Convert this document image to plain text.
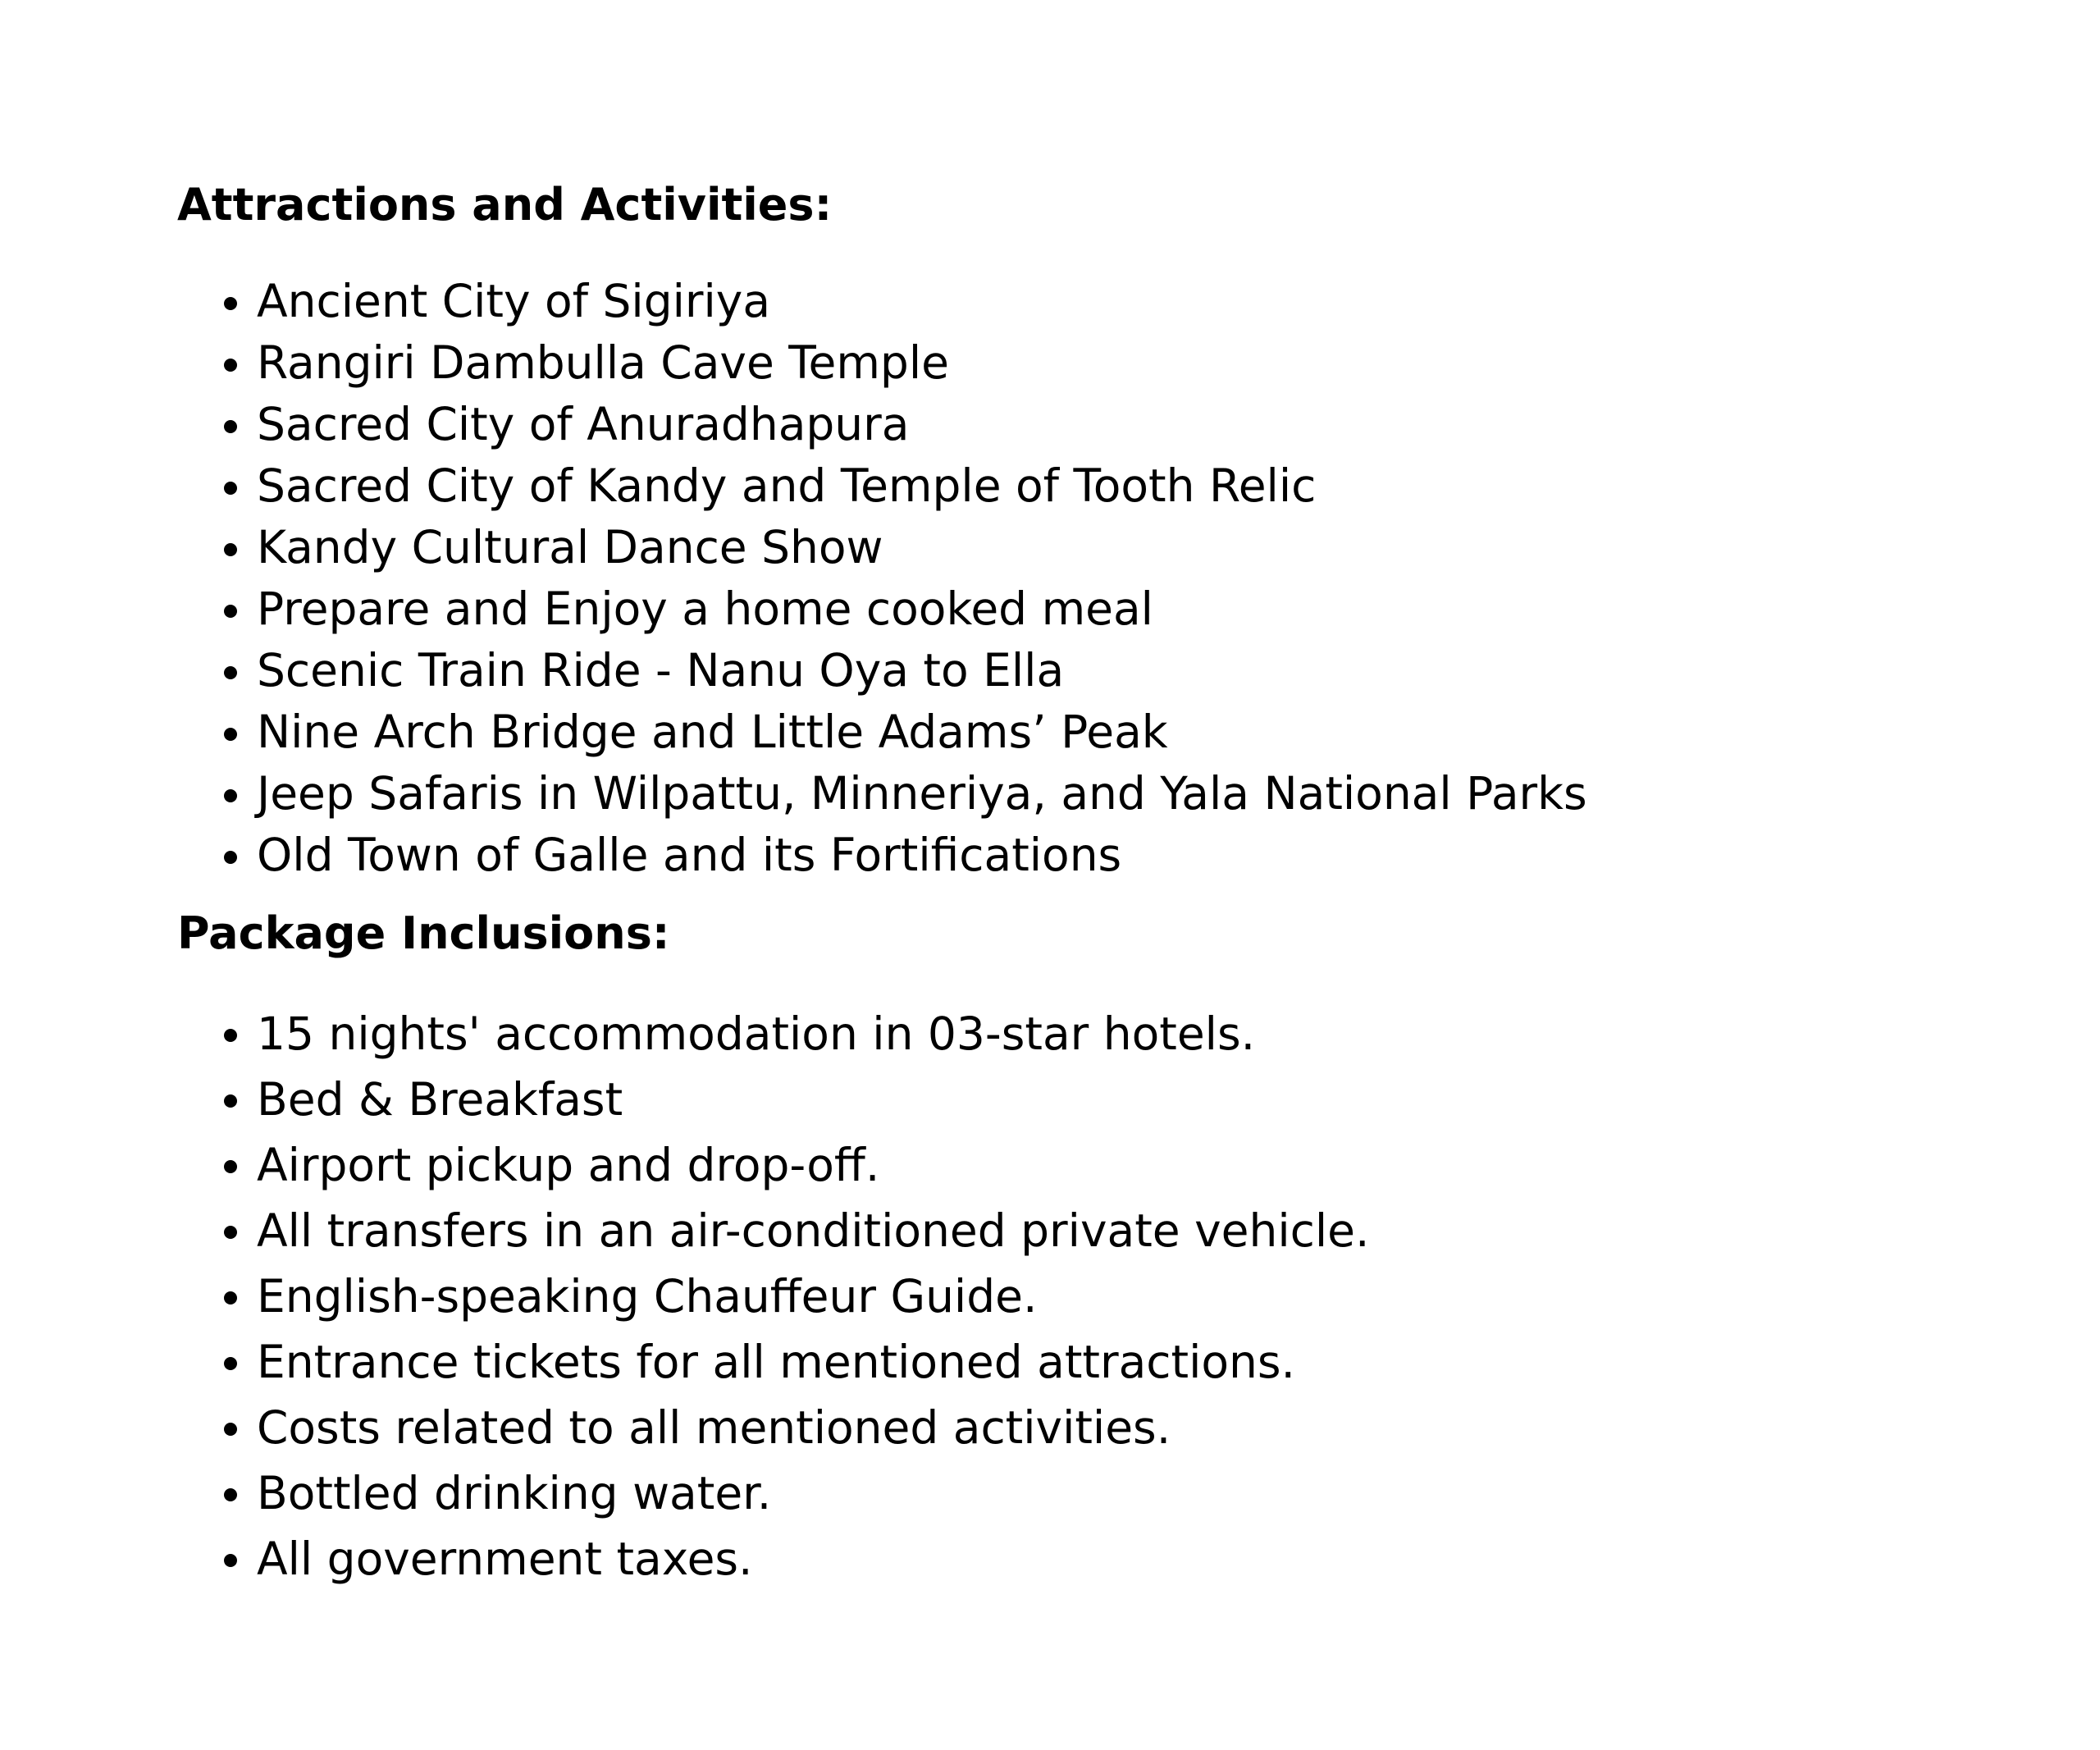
Attractions and Activities:
Ancient City of Sigiriya
Rangiri Dambulla Cave Temple
Sacred City of Anuradhapura
Sacred City of Kandy and Temple of Tooth Relic
Kandy Cultural Dance Show
Prepare and Enjoy a home cooked meal
Scenic Train Ride - Nanu Oya to Ella
Nine Arch Bridge and Little Adams’ Peak
Jeep Safaris in Wilpattu, Minneriya, and Yala National Parks
Old Town of Galle and its Fortifications
Package Inclusions:
15 nights' accommodation in 03-star hotels.
Bed & Breakfast
Airport pickup and drop-off.
All transfers in an air-conditioned private vehicle.
English-speaking Chauffeur Guide.
Entrance tickets for all mentioned attractions.
Costs related to all mentioned activities.
Bottled drinking water.
All government taxes.
